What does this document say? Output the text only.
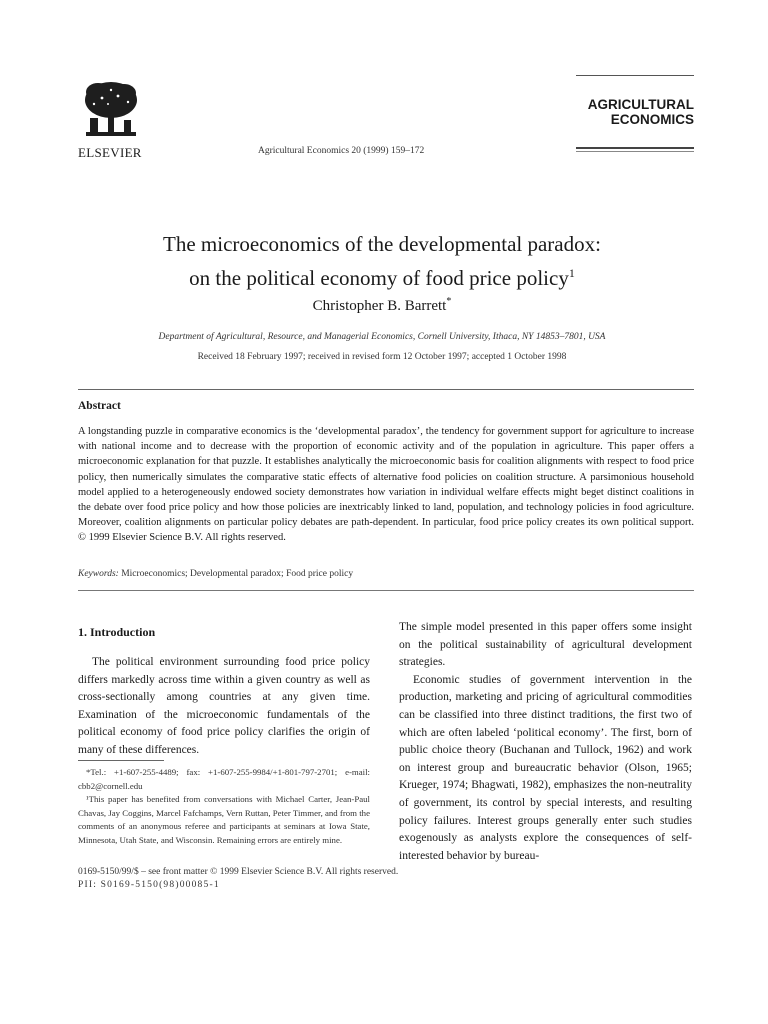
ELSEVIER	Agricultural Economics 20 (1999) 159–172
AGRICULTURAL
ECONOMICS
The microeconomics of the developmental paradox:
on the political economy of food price policy$^1$
Christopher B. Barrett*
Department of Agricultural, Resource, and Managerial Economics, Cornell University, Ithaca, NY 14853–7801, USA
Received 18 February 1997; received in revised form 12 October 1997; accepted 1 October 1998
Abstract
A longstanding puzzle in comparative economics is the ‘developmental paradox’, the tendency for government support for agriculture to increase with national income and to decrease with the proportion of economic activity and of the population in agriculture. This paper offers a microeconomic explanation for that puzzle. It establishes analytically the microeconomic basis for coalition alignments with respect to food price policy, then numerically simulates the comparative static effects of alternative food policies on coalition structure. A parsimonious household model applied to a heterogeneously endowed society demonstrates how variation in individual welfare effects might beget distinct coalitions in the debate over food price policy and how those policies are inextricably linked to land, population, and technology policies in food agriculture. Moreover, coalition alignments on particular policy debates are path-dependent. In particular, food price policy creates its own political support. © 1999 Elsevier Science B.V. All rights reserved.
Keywords: Microeconomics; Developmental paradox; Food price policy
1. Introduction

The political environment surrounding food price policy differs markedly across time within a given country as well as cross-sectionally among countries at any given time. Examination of the microeconomic fundamentals of the political economy of food price policy clarifies the origin of many of these differences.

*Tel.: +1-607-255-4489; fax: +1-607-255-9984/+1-801-797-2701; e-mail: cbb2@cornell.edu

¹This paper has benefited from conversations with Michael Carter, Jean-Paul Chavas, Jay Coggins, Marcel Fafchamps, Vern Ruttan, Peter Timmer, and from the comments of an anonymous referee and participants at seminars at Iowa State, Minnesota, Utah State, and Wisconsin. Remaining errors are entirely mine.

The simple model presented in this paper offers some insight on the political sustainability of agricultural development strategies.

Economic studies of government intervention in the production, marketing and pricing of agricultural commodities can be classified into three distinct traditions, the first two of which are often labeled ‘political economy’. The first, born of public choice theory (Buchanan and Tullock, 1962) and work on interest group and bureaucratic behavior (Olson, 1965; Krueger, 1974; Bhagwati, 1982), emphasizes the non-neutrality of government, its control by special interests, and resulting policy failures. Interest groups generally enter such studies exogenously as analysts explore the consequences of self-interested behavior by bureau-

0169-5150/99/$ – see front matter © 1999 Elsevier Science B.V. All rights reserved.
PII: S0169-5150(98)00085-1
